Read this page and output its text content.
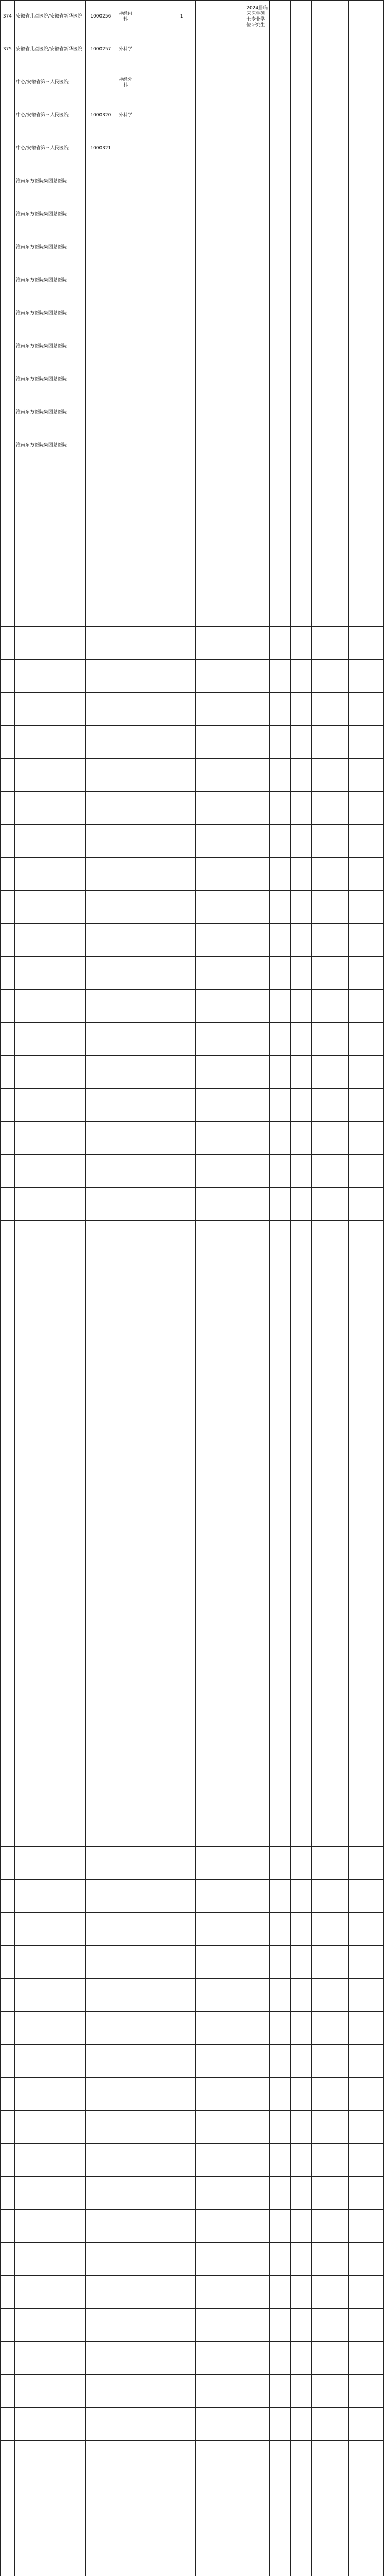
374	安徽省儿童医院/安徽省新华医院	1000256	神经内科			1		2024届临床医学硕士专业学位研究生						
375	安徽省儿童医院/安徽省新华医院	1000257	外科学											
	中心/安徽省第三人民医院		神经外科											
	中心/安徽省第三人民医院	1000320	外科学											
	中心/安徽省第三人民医院	1000321												
	淮南东方医院集团总医院													
	淮南东方医院集团总医院													
	淮南东方医院集团总医院													
	淮南东方医院集团总医院													
	淮南东方医院集团总医院													
	淮南东方医院集团总医院													
	淮南东方医院集团总医院													
	淮南东方医院集团总医院													
	淮南东方医院集团总医院													
